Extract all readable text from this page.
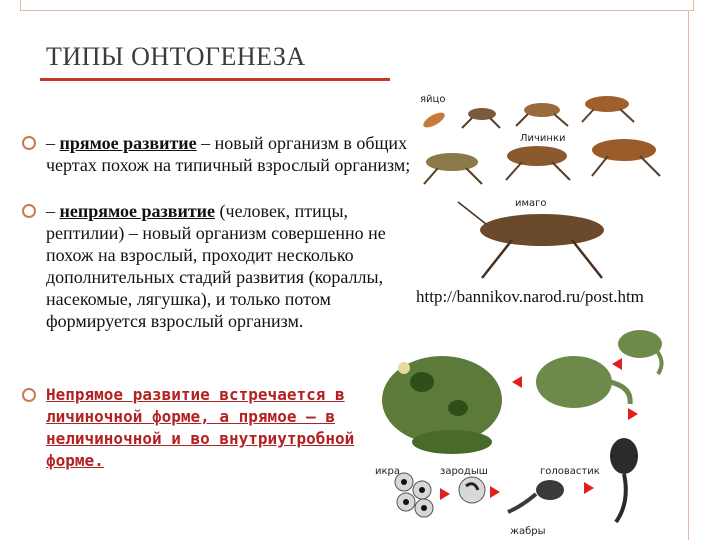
ТИПЫ ОНТОГЕНЕЗА
– прямое развитие – новый организм в общих чертах похож на типичный взрослый организм;
– непрямое развитие (человек, птицы, рептилии) – новый организм совершенно не похож на взрослый, проходит несколько дополнительных стадий развития (кораллы, насекомые, лягушка), и только потом формируется взрослый организм.
Непрямое развитие встречается в личиночной форме, а прямое – в неличиночной и во внутриутробной форме.
http://bannikov.narod.ru/post.htm
яйцо
Личинки
имаго
икра	зародыш	головастик
жабры
